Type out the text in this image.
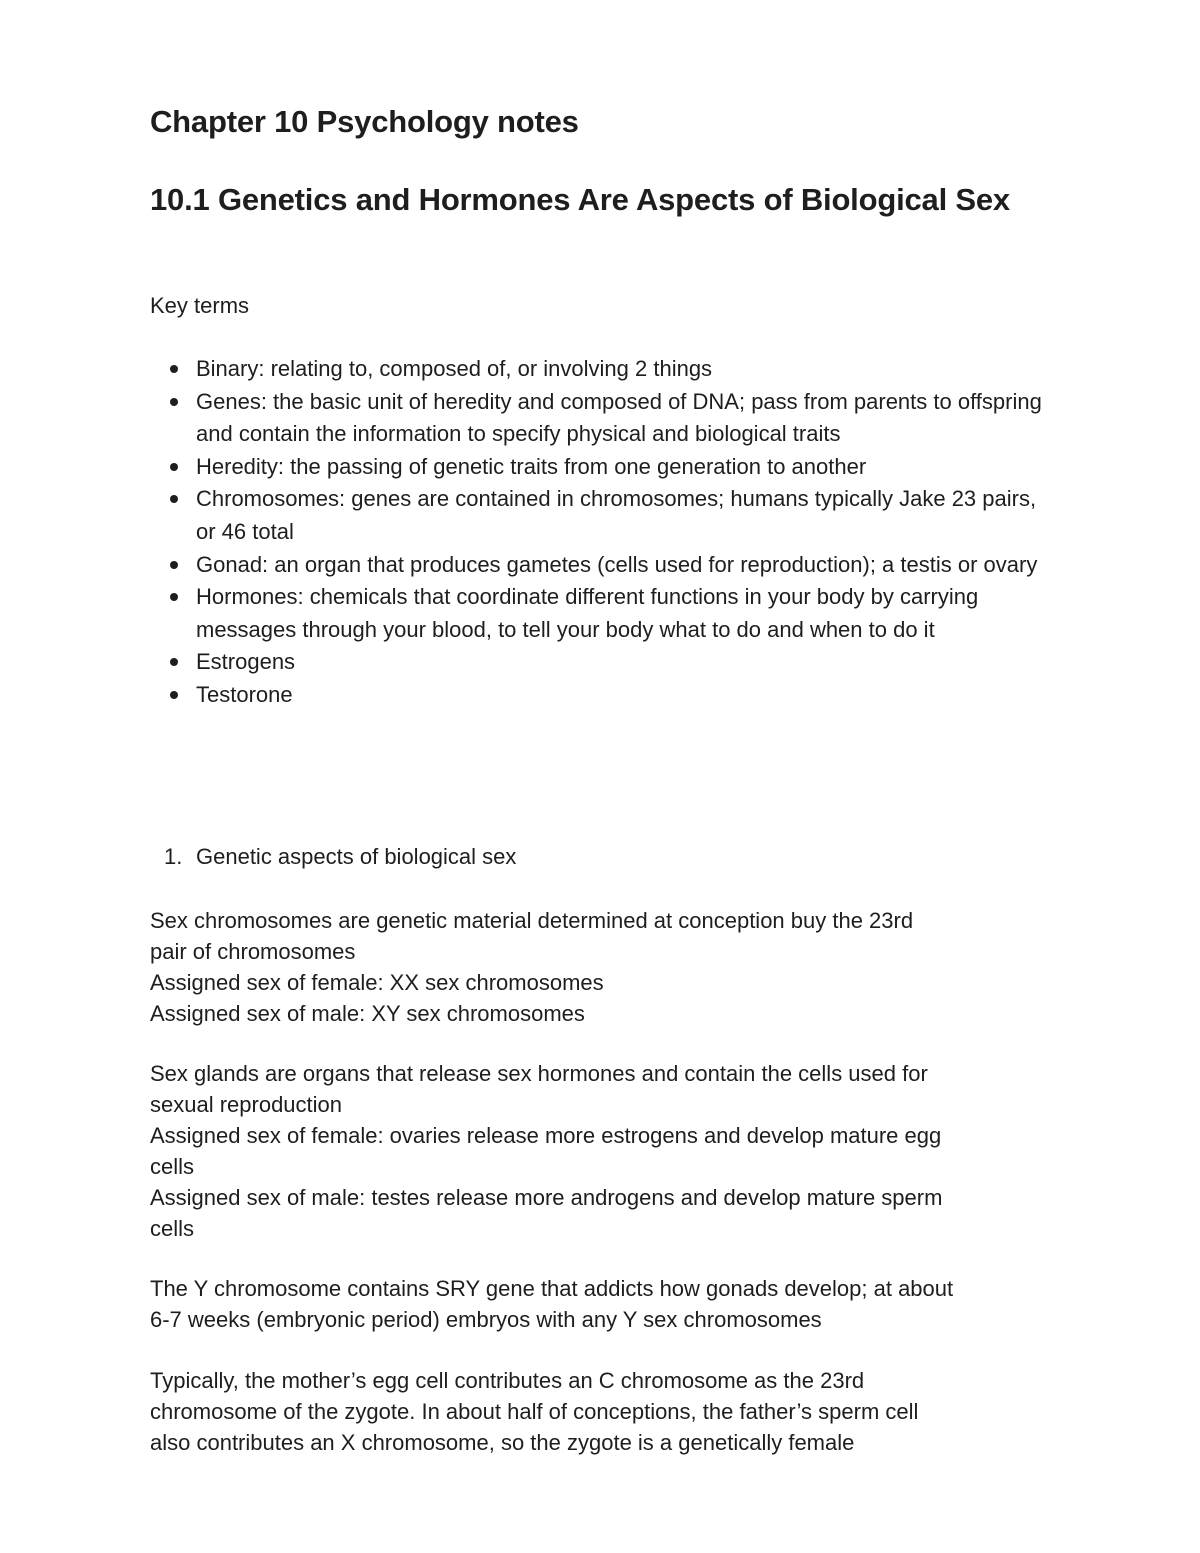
Chapter 10 Psychology notes
10.1 Genetics and Hormones Are Aspects of Biological Sex

Key terms

Binary: relating to, composed of, or involving 2 things
Genes: the basic unit of heredity and composed of DNA; pass from parents to offspring and contain the information to specify physical and biological traits
Heredity: the passing of genetic traits from one generation to another
Chromosomes: genes are contained in chromosomes; humans typically Jake 23 pairs, or 46 total
Gonad: an organ that produces gametes (cells used for reproduction); a testis or ovary
Hormones: chemicals that coordinate different functions in your body by carrying messages through your blood, to tell your body what to do and when to do it
Estrogens
Testorone
1. Genetic aspects of biological sex

Sex chromosomes are genetic material determined at conception buy the 23rd
pair of chromosomes
Assigned sex of female: XX sex chromosomes
Assigned sex of male: XY sex chromosomes

Sex glands are organs that release sex hormones and contain the cells used for
sexual reproduction
Assigned sex of female: ovaries release more estrogens and develop mature egg
cells
Assigned sex of male: testes release more androgens and develop mature sperm
cells

The Y chromosome contains SRY gene that addicts how gonads develop; at about
6-7 weeks (embryonic period) embryos with any Y sex chromosomes

Typically, the mother’s egg cell contributes an C chromosome as the 23rd
chromosome of the zygote. In about half of conceptions, the father’s sperm cell
also contributes an X chromosome, so the zygote is a genetically female
